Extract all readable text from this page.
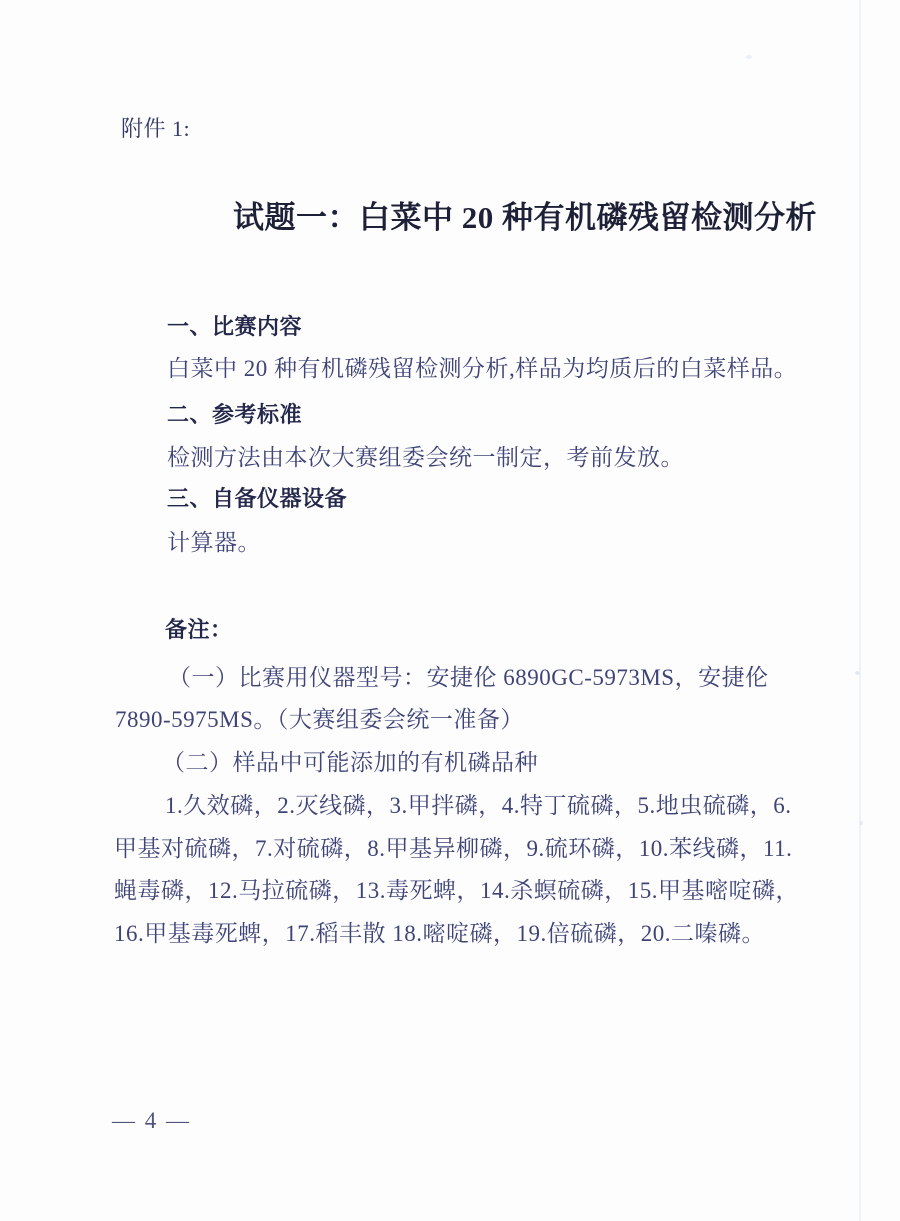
附件 1:
试题一：白菜中 20 种有机磷残留检测分析
一、比赛内容
白菜中 20 种有机磷残留检测分析,样品为均质后的白菜样品。
二、参考标准
检测方法由本次大赛组委会统一制定，考前发放。
三、自备仪器设备
计算器。
备注：
（一）比赛用仪器型号：安捷伦 6890GC-5973MS，安捷伦
7890-5975MS。（大赛组委会统一准备）
（二）样品中可能添加的有机磷品种
1.久效磷，2.灭线磷，3.甲拌磷，4.特丁硫磷，5.地虫硫磷，6.
甲基对硫磷，7.对硫磷，8.甲基异柳磷，9.硫环磷，10.苯线磷，11.
蝇毒磷，12.马拉硫磷，13.毒死蜱，14.杀螟硫磷，15.甲基嘧啶磷，
16.甲基毒死蜱，17.稻丰散 18.嘧啶磷，19.倍硫磷，20.二嗪磷。
— 4 —
